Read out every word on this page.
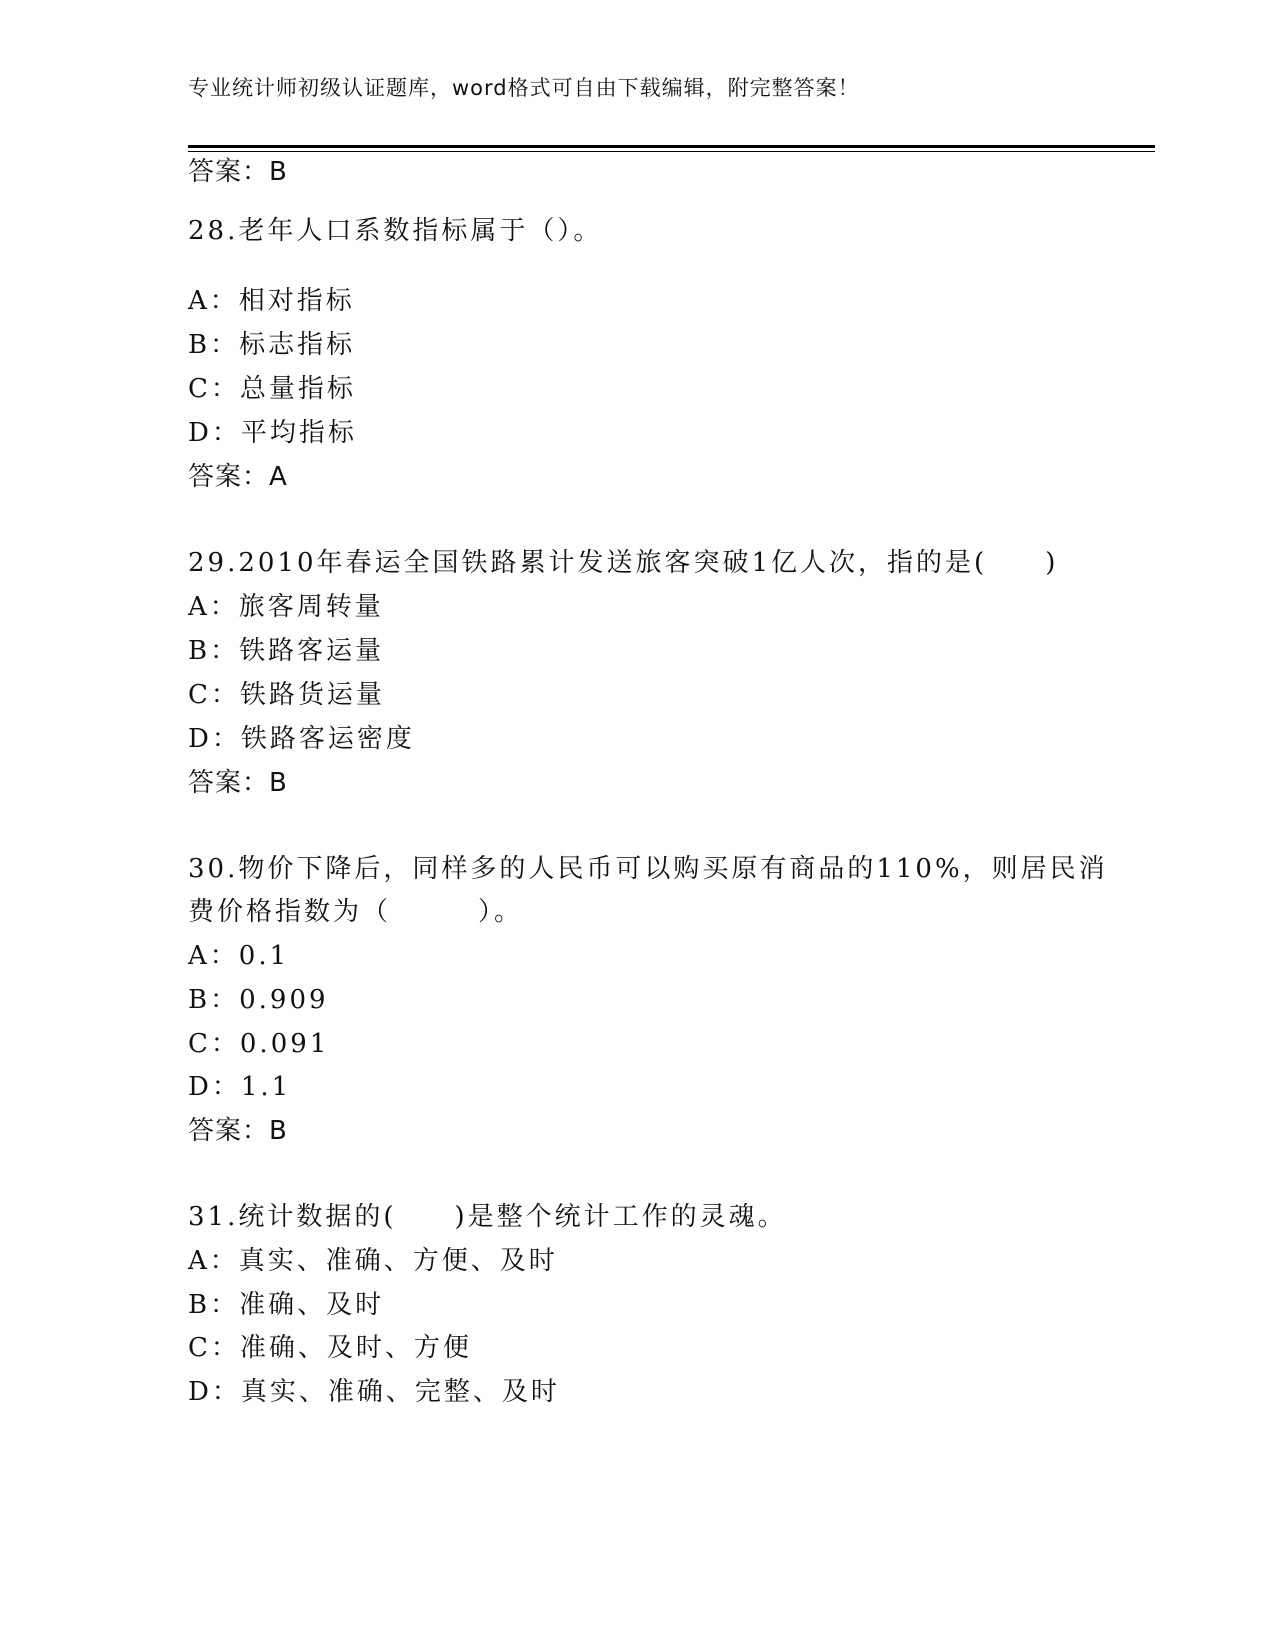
专业统计师初级认证题库，word格式可自由下载编辑，附完整答案！
答案：B
28.老年人口系数指标属于（）。
A：相对指标
B：标志指标
C：总量指标
D：平均指标
答案：A
29.2010年春运全国铁路累计发送旅客突破1亿人次，指的是(　　)
A：旅客周转量
B：铁路客运量
C：铁路货运量
D：铁路客运密度
答案：B
30.物价下降后，同样多的人民币可以购买原有商品的110%，则居民消
费价格指数为（　　　）。
A：0.1
B：0.909
C：0.091
D：1.1
答案：B
31.统计数据的(　　)是整个统计工作的灵魂。
A：真实、准确、方便、及时
B：准确、及时
C：准确、及时、方便
D：真实、准确、完整、及时
